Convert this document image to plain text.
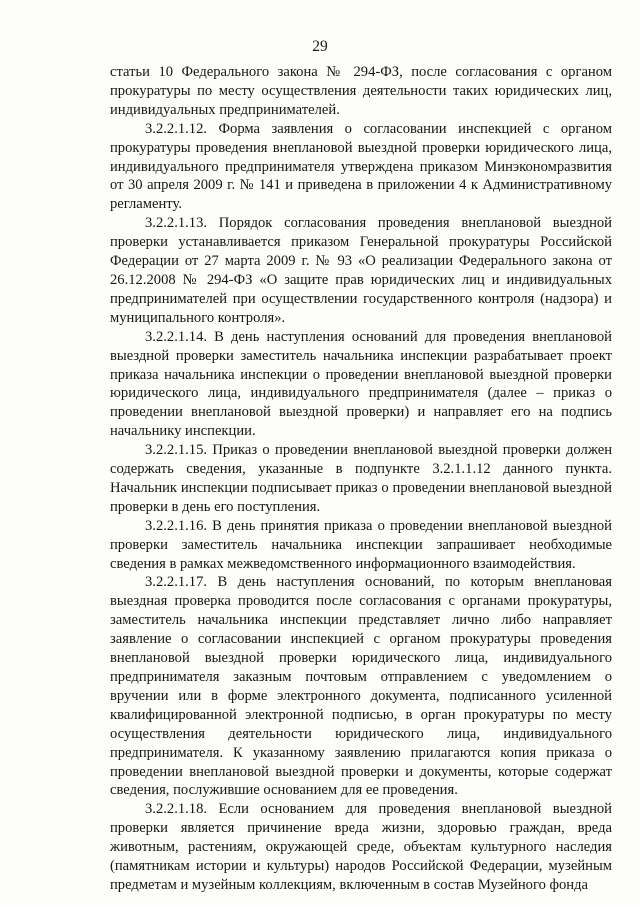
29

статьи 10 Федерального закона № 294-ФЗ, после согласования с органом прокуратуры по месту осуществления деятельности таких юридических лиц, индивидуальных предпринимателей.

3.2.2.1.12. Форма заявления о согласовании инспекцией с органом прокуратуры проведения внеплановой выездной проверки юридического лица, индивидуального предпринимателя утверждена приказом Минэкономразвития от 30 апреля 2009 г. № 141 и приведена в приложении 4 к Административному регламенту.

3.2.2.1.13. Порядок согласования проведения внеплановой выездной проверки устанавливается приказом Генеральной прокуратуры Российской Федерации от 27 марта 2009 г. № 93 «О реализации Федерального закона от 26.12.2008 № 294-ФЗ «О защите прав юридических лиц и индивидуальных предпринимателей при осуществлении государственного контроля (надзора) и муниципального контроля».

3.2.2.1.14. В день наступления оснований для проведения внеплановой выездной проверки заместитель начальника инспекции разрабатывает проект приказа начальника инспекции о проведении внеплановой выездной проверки юридического лица, индивидуального предпринимателя (далее – приказ о проведении внеплановой выездной проверки) и направляет его на подпись начальнику инспекции.

3.2.2.1.15. Приказ о проведении внеплановой выездной проверки должен содержать сведения, указанные в подпункте 3.2.1.1.12 данного пункта. Начальник инспекции подписывает приказ о проведении внеплановой выездной проверки в день его поступления.

3.2.2.1.16. В день принятия приказа о проведении внеплановой выездной проверки заместитель начальника инспекции запрашивает необходимые сведения в рамках межведомственного информационного взаимодействия.

3.2.2.1.17. В день наступления оснований, по которым внеплановая выездная проверка проводится после согласования с органами прокуратуры, заместитель начальника инспекции представляет лично либо направляет заявление о согласовании инспекцией с органом прокуратуры проведения внеплановой выездной проверки юридического лица, индивидуального предпринимателя заказным почтовым отправлением с уведомлением о вручении или в форме электронного документа, подписанного усиленной квалифицированной электронной подписью, в орган прокуратуры по месту осуществления деятельности юридического лица, индивидуального предпринимателя. К указанному заявлению прилагаются копия приказа о проведении внеплановой выездной проверки и документы, которые содержат сведения, послужившие основанием для ее проведения.

3.2.2.1.18. Если основанием для проведения внеплановой выездной проверки является причинение вреда жизни, здоровью граждан, вреда животным, растениям, окружающей среде, объектам культурного наследия (памятникам истории и культуры) народов Российской Федерации, музейным предметам и музейным коллекциям, включенным в состав Музейного фонда
